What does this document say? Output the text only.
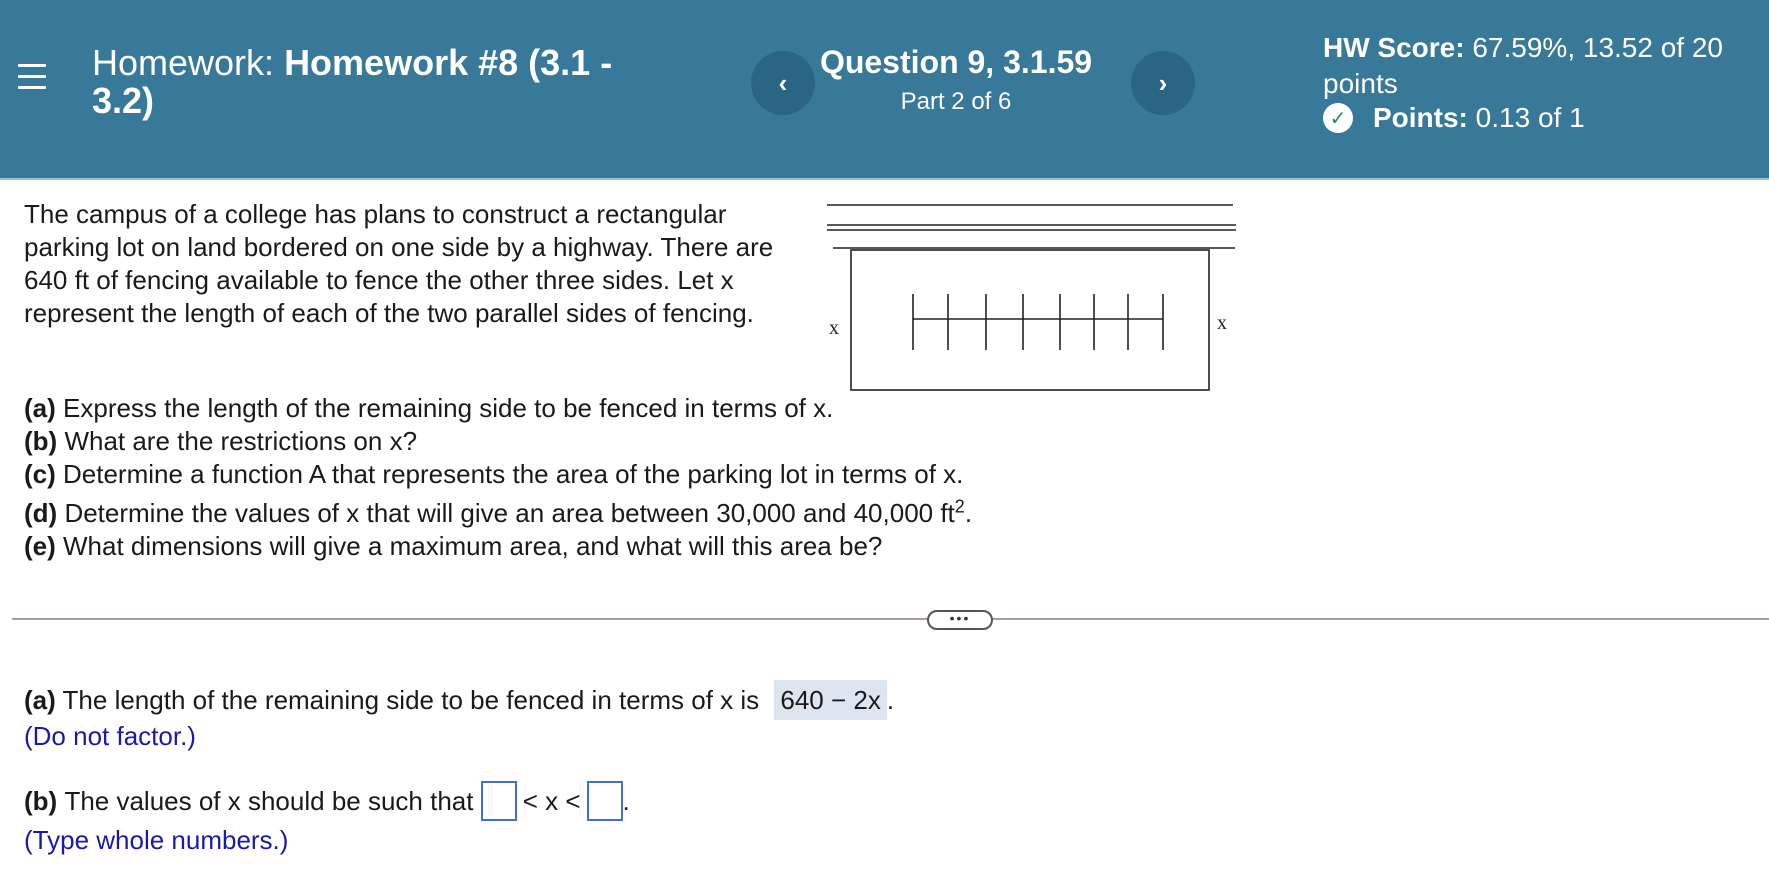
Homework: Homework #8 (3.1 - 3.2)	‹
Question 9, 3.1.59
Part 2 of 6
›
HW Score: 67.59%, 13.52 of 20 points
✓ Points:
0.13 of 1
The campus of a college has plans to construct a rectangular parking lot on land bordered on one side by a highway. There are 640 ft of fencing available to fence the other three sides. Let x represent the length of each of the two parallel sides of fencing.	x	x
(a) Express the length of the remaining side to be fenced in terms of x.
(b) What are the restrictions on x?
(c) Determine a function A that represents the area of the parking lot in terms of x.
(d) Determine the values of x that will give an area between 30,000 and 40,000 $ft^2$.
(e) What dimensions will give a maximum area, and what will this area be?
•••
(a) The length of the remaining side to be fenced in terms of x is 640 − 2x .
(Do not factor.)
(b)
The values of x should be such that
< x < .
(Type whole numbers.)
